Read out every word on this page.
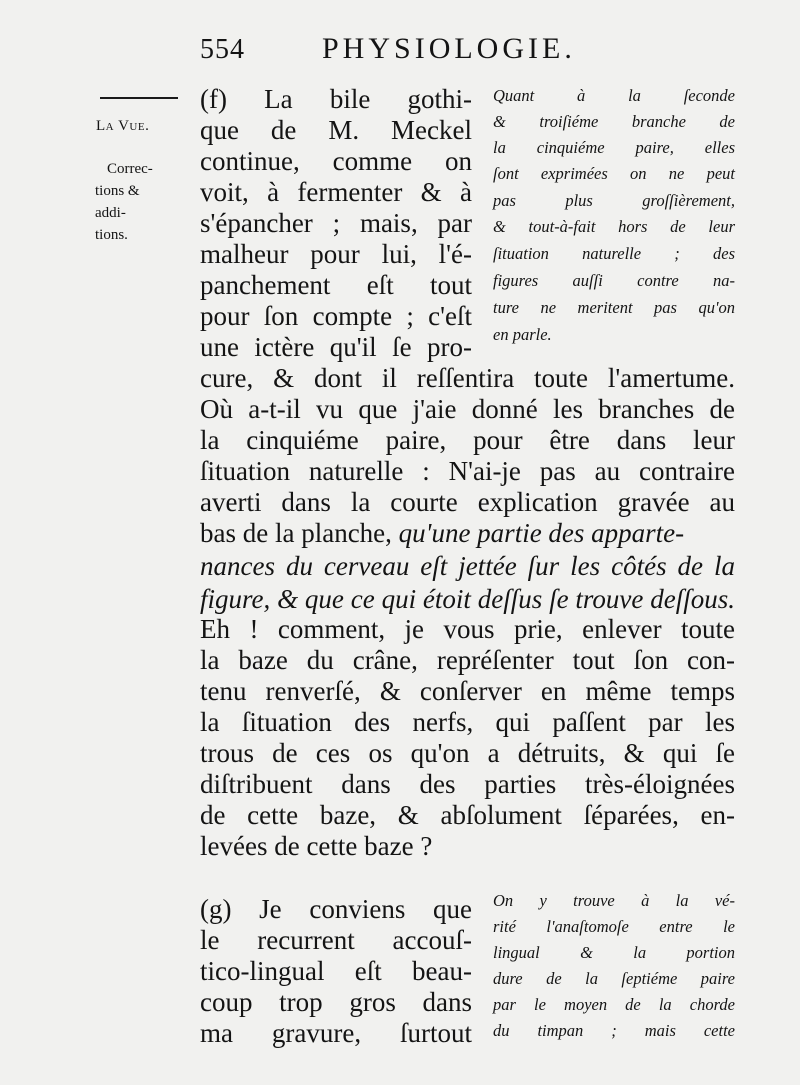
554	PHYSIOLOGIE.
La Vue.
Correc-
tions &
addi-
tions.
(f) La bile gothi-
que de M. Meckel
continue, comme on
voit, à fermenter & à
s'épancher ; mais, par
malheur pour lui, l'é-
panchement eſt tout
pour ſon compte ; c'eſt
une ictère qu'il ſe pro-
Quant à la ſeconde
& troiſiéme branche de
la cinquiéme paire, elles
ſont exprimées on ne peut
pas plus groſſièrement,
& tout-à-fait hors de leur
ſituation naturelle ; des
figures auſſi contre na-
ture ne meritent pas qu'on
en parle.
cure, & dont il reſſentira toute l'amertume.
Où a-t-il vu que j'aie donné les branches de
la cinquiéme paire, pour être dans leur
ſituation naturelle : N'ai-je pas au contraire
averti dans la courte explication gravée au
bas de la planche, qu'une partie des apparte-
nances du cerveau eſt jettée ſur les côtés de la
figure, & que ce qui étoit deſſus ſe trouve deſſous.
Eh ! comment, je vous prie, enlever toute
la baze du crâne, repréſenter tout ſon con-
tenu renverſé, & conſerver en même temps
la ſituation des nerfs, qui paſſent par les
trous de ces os qu'on a détruits, & qui ſe
diſtribuent dans des parties très-éloignées
de cette baze, & abſolument ſéparées, en-
levées de cette baze ?
(g) Je conviens que
le recurrent accouſ-
tico-lingual eſt beau-
coup trop gros dans
ma gravure, ſurtout
On y trouve à la vé-
rité l'anaſtomoſe entre le
lingual & la portion
dure de la ſeptiéme paire
par le moyen de la chorde
du timpan ; mais cette
